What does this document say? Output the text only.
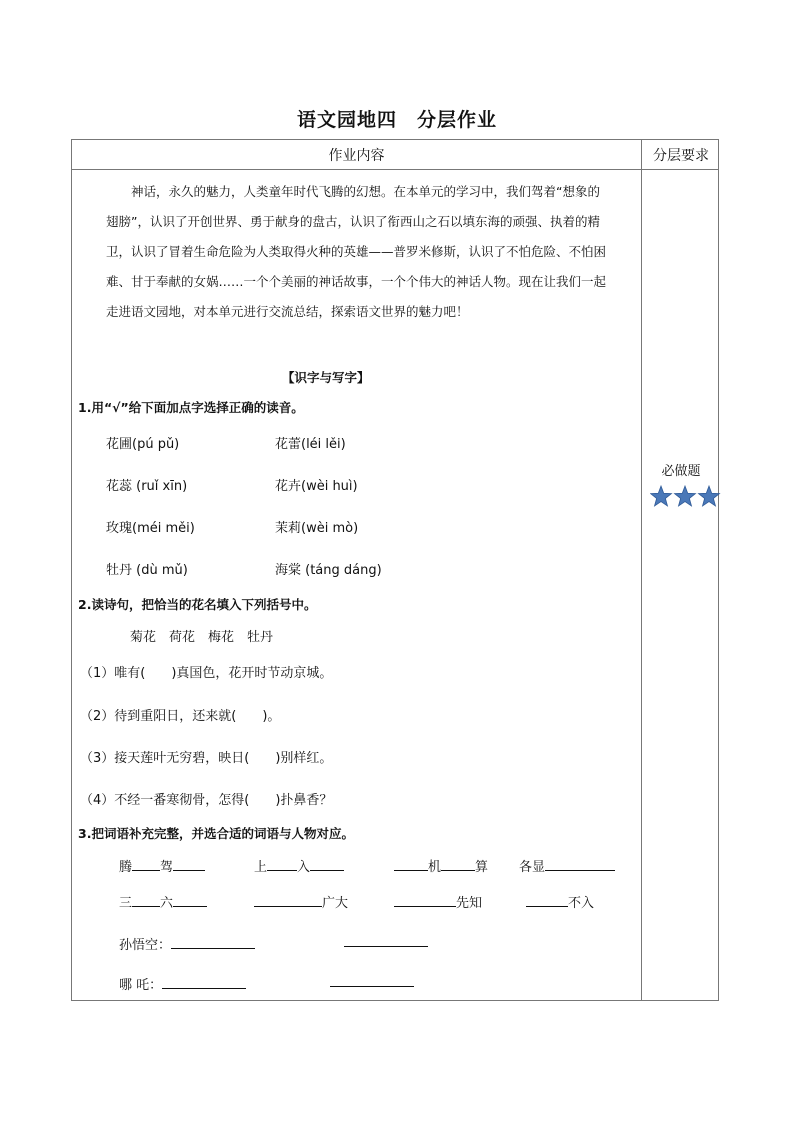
语文园地四　分层作业
作业内容	分层要求
　　神话，永久的魅力，人类童年时代飞腾的幻想。在本单元的学习中，我们驾着“想象的
翅膀”，认识了开创世界、勇于献身的盘古，认识了衔西山之石以填东海的顽强、执着的精
卫，认识了冒着生命危险为人类取得火种的英雄——普罗米修斯，认识了不怕危险、不怕困
难、甘于奉献的女娲……一个个美丽的神话故事，一个个伟大的神话人物。现在让我们一起
走进语文园地，对本单元进行交流总结，探索语文世界的魅力吧！
【识字与写字】
1.用“√”给下面加点字选择正确的读音。
花圃(pú pǔ)	花蕾(léi lěi)
花蕊 (ruǐ xīn)	花卉(wèi huì)
玫瑰(méi měi)	茉莉(wèi mò)
牡丹 (dù mǔ)	海棠 (táng dáng)
2.读诗句，把恰当的花名填入下列括号中。
菊花　荷花　梅花　牡丹
（1）唯有(　　)真国色，花开时节动京城。
（2）待到重阳日，还来就(　　)。
（3）接天莲叶无穷碧，映日(　　)别样红。
（4）不经一番寒彻骨，怎得(　　)扑鼻香？
3.把词语补充完整，并选合适的词语与人物对应。
腾 驾	上 入	机	算 各显
三 六	广大	先知	不入
孙悟空：
哪 吒：
必做题
